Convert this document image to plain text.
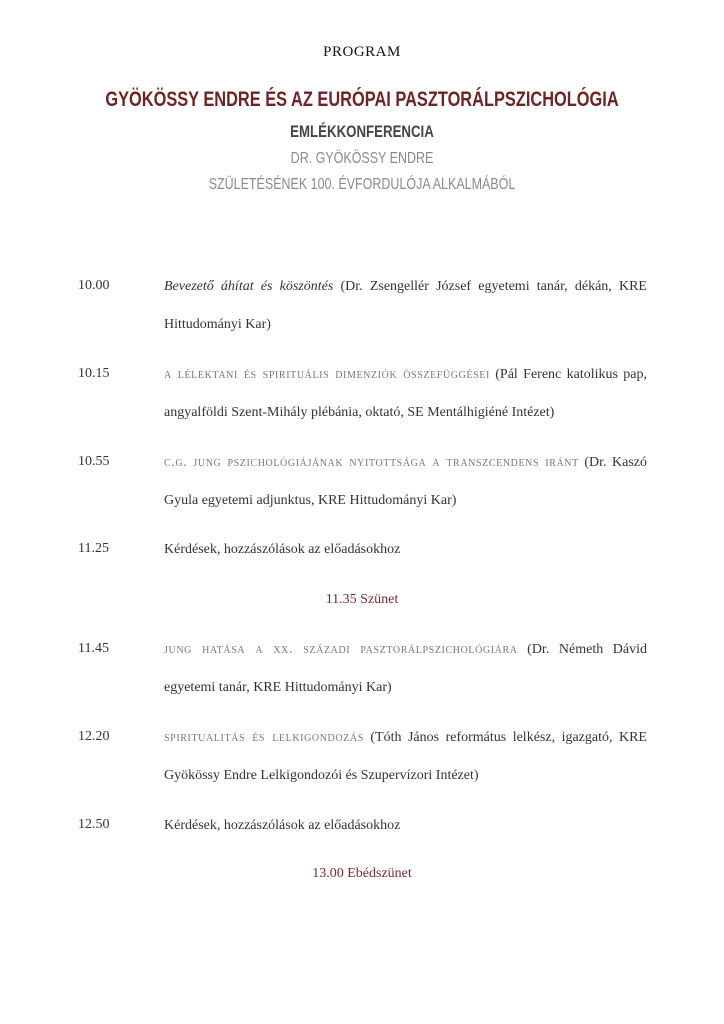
PROGRAM
GYÖKÖSSY ENDRE ÉS AZ EURÓPAI PASZTORÁLPSZICHOLÓGIA
EMLÉKKONFERENCIA
DR. GYÖKÖSSY ENDRE
SZÜLETÉSÉNEK 100. ÉVFORDULÓJA ALKALMÁBÓL
10.00	Bevezető áhítat és köszöntés (Dr. Zsengellér József egyetemi tanár, dékán, KRE Hittudományi Kar)
10.15	a lélektani és spirituális dimenziók összefüggései (Pál Ferenc katolikus pap, angyalföldi Szent-Mihály plébánia, oktató, SE Mentálhigiéné Intézet)
10.55	c.g. jung pszichológiájának nyitottsága a transzcendens iránt (Dr. Kaszó Gyula egyetemi adjunktus, KRE Hittudományi Kar)
11.25	Kérdések, hozzászólások az előadásokhoz
11.35 Szünet
11.45	jung hatása a xx. századi pasztorálpszichológiára (Dr. Németh Dávid egyetemi tanár, KRE Hittudományi Kar)
12.20	spiritualitás és lelkigondozás (Tóth János református lelkész, igazgató, KRE Gyökössy Endre Lelkigondozói és Szupervízori Intézet)
12.50	Kérdések, hozzászólások az előadásokhoz
13.00 Ebédszünet
